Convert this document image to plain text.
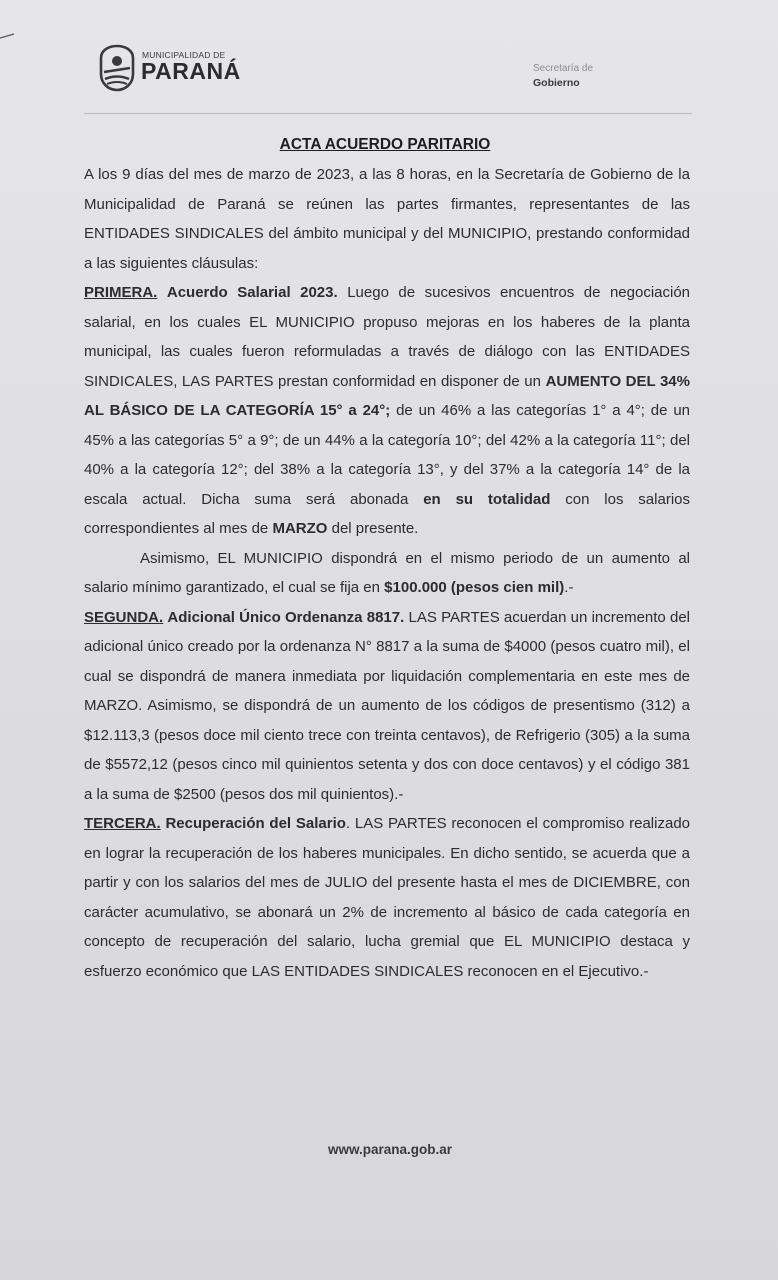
MUNICIPALIDAD DE
PARANÁ	Secretaría de
Gobierno
ACTA ACUERDO PARITARIO

A los 9 días del mes de marzo de 2023, a las 8 horas, en la Secretaría de Gobierno de la Municipalidad de Paraná se reúnen las partes firmantes, representantes de las ENTIDADES SINDICALES del ámbito municipal y del MUNICIPIO, prestando conformidad a las siguientes cláusulas:

PRIMERA. Acuerdo Salarial 2023. Luego de sucesivos encuentros de negociación salarial, en los cuales EL MUNICIPIO propuso mejoras en los haberes de la planta municipal, las cuales fueron reformuladas a través de diálogo con las ENTIDADES SINDICALES, LAS PARTES prestan conformidad en disponer de un AUMENTO DEL 34% AL BÁSICO DE LA CATEGORÍA 15° a 24°; de un 46% a las categorías 1° a 4°; de un 45% a las categorías 5° a 9°; de un 44% a la categoría 10°; del 42% a la categoría 11°; del 40% a la categoría 12°; del 38% a la categoría 13°, y del 37% a la categoría 14° de la escala actual. Dicha suma será abonada en su totalidad con los salarios correspondientes al mes de MARZO del presente.

Asimismo, EL MUNICIPIO dispondrá en el mismo periodo de un aumento al salario mínimo garantizado, el cual se fija en $100.000 (pesos cien mil).-

SEGUNDA. Adicional Único Ordenanza 8817. LAS PARTES acuerdan un incremento del adicional único creado por la ordenanza N° 8817 a la suma de $4000 (pesos cuatro mil), el cual se dispondrá de manera inmediata por liquidación complementaria en este mes de MARZO. Asimismo, se dispondrá de un aumento de los códigos de presentismo (312) a $12.113,3 (pesos doce mil ciento trece con treinta centavos), de Refrigerio (305) a la suma de $5572,12 (pesos cinco mil quinientos setenta y dos con doce centavos) y el código 381 a la suma de $2500 (pesos dos mil quinientos).-

TERCERA. Recuperación del Salario. LAS PARTES reconocen el compromiso realizado en lograr la recuperación de los haberes municipales. En dicho sentido, se acuerda que a partir y con los salarios del mes de JULIO del presente hasta el mes de DICIEMBRE, con carácter acumulativo, se abonará un 2% de incremento al básico de cada categoría en concepto de recuperación del salario, lucha gremial que EL MUNICIPIO destaca y esfuerzo económico que LAS ENTIDADES SINDICALES reconocen en el Ejecutivo.-

www.parana.gob.ar
